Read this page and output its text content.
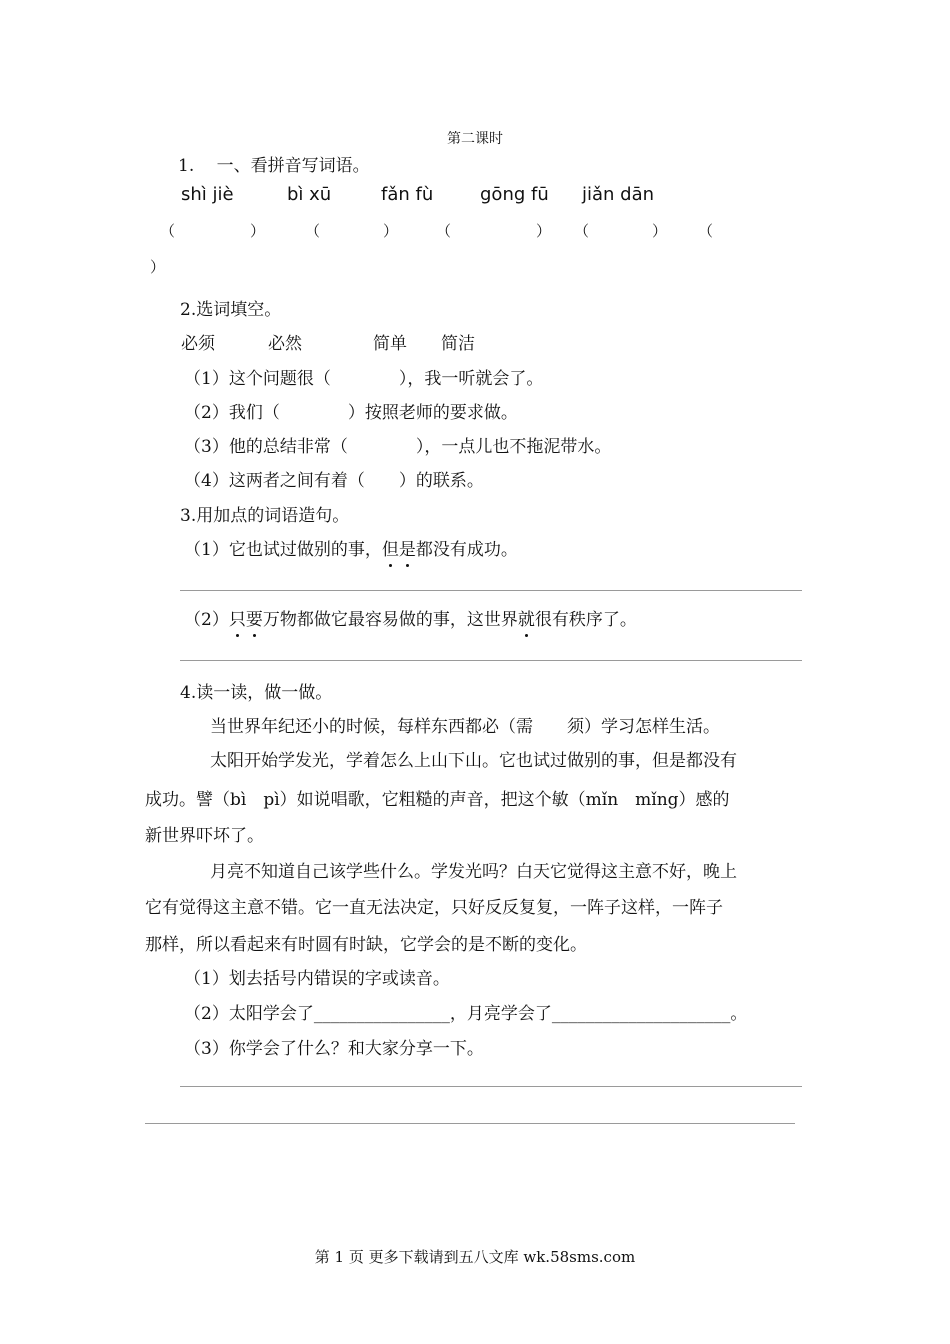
第二课时
1.　 一、看拼音写词语。
shì jiè	bì xū	fǎn fù	gōng fū jiǎn dān
（	）	（	）	（	） （	） （
）
2.选词填空。
必须	必然	简单 简洁
（1）这个问题很（　　　　），我一听就会了。
（2）我们（　　　　）按照老师的要求做。
（3）他的总结非常（　　　　），一点儿也不拖泥带水。
（4）这两者之间有着（　　）的联系。
3.用加点的词语造句。
（1）它也试过做别的事，但是都没有成功。
（2）只要万物都做它最容易做的事，这世界就很有秩序了。
4.读一读，做一做。
当世界年纪还小的时候，每样东西都必（需　　须）学习怎样生活。
太阳开始学发光，学着怎么上山下山。它也试过做别的事，但是都没有
成功。譬（bì　pì）如说唱歌，它粗糙的声音，把这个敏（mǐn　mǐng）感的
新世界吓坏了。
月亮不知道自己该学些什么。学发光吗？白天它觉得这主意不好，晚上
它有觉得这主意不错。它一直无法决定，只好反反复复，一阵子这样，一阵子
那样，所以看起来有时圆有时缺，它学会的是不断的变化。
（1）划去括号内错误的字或读音。
（2）太阳学会了________________，月亮学会了_____________________。
（3）你学会了什么？和大家分享一下。
第 1 页 更多下载请到五八文库 wk.58sms.com
